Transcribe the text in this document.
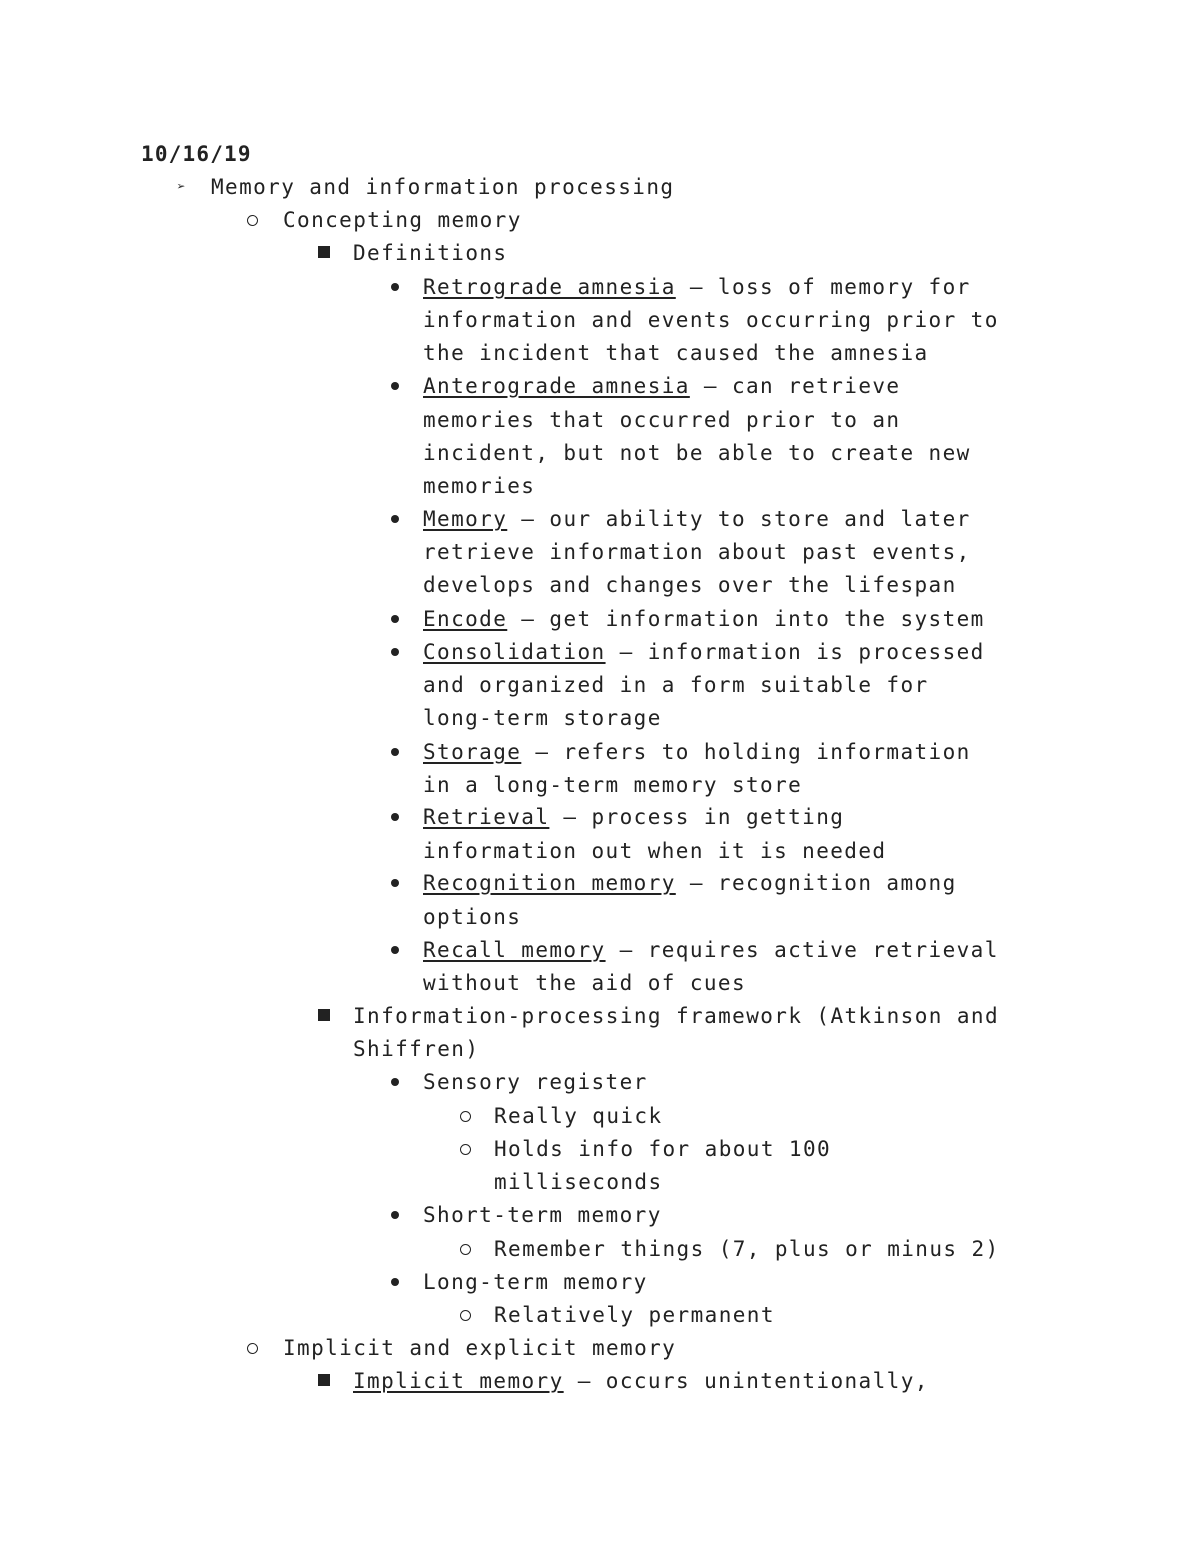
10/16/19
➢ Memory and information processing
Concepting memory
Definitions
Retrograde amnesia – loss of memory for
information and events occurring prior to
the incident that caused the amnesia
Anterograde amnesia – can retrieve
memories that occurred prior to an
incident, but not be able to create new
memories
Memory – our ability to store and later
retrieve information about past events,
develops and changes over the lifespan
Encode – get information into the system
Consolidation – information is processed
and organized in a form suitable for
long-term storage
Storage – refers to holding information
in a long-term memory store
Retrieval – process in getting
information out when it is needed
Recognition memory – recognition among
options
Recall memory – requires active retrieval
without the aid of cues
Information-processing framework (Atkinson and
Shiffren)
Sensory register
Really quick
Holds info for about 100
milliseconds
Short-term memory
Remember things (7, plus or minus 2)
Long-term memory
Relatively permanent
Implicit and explicit memory
Implicit memory – occurs unintentionally,
